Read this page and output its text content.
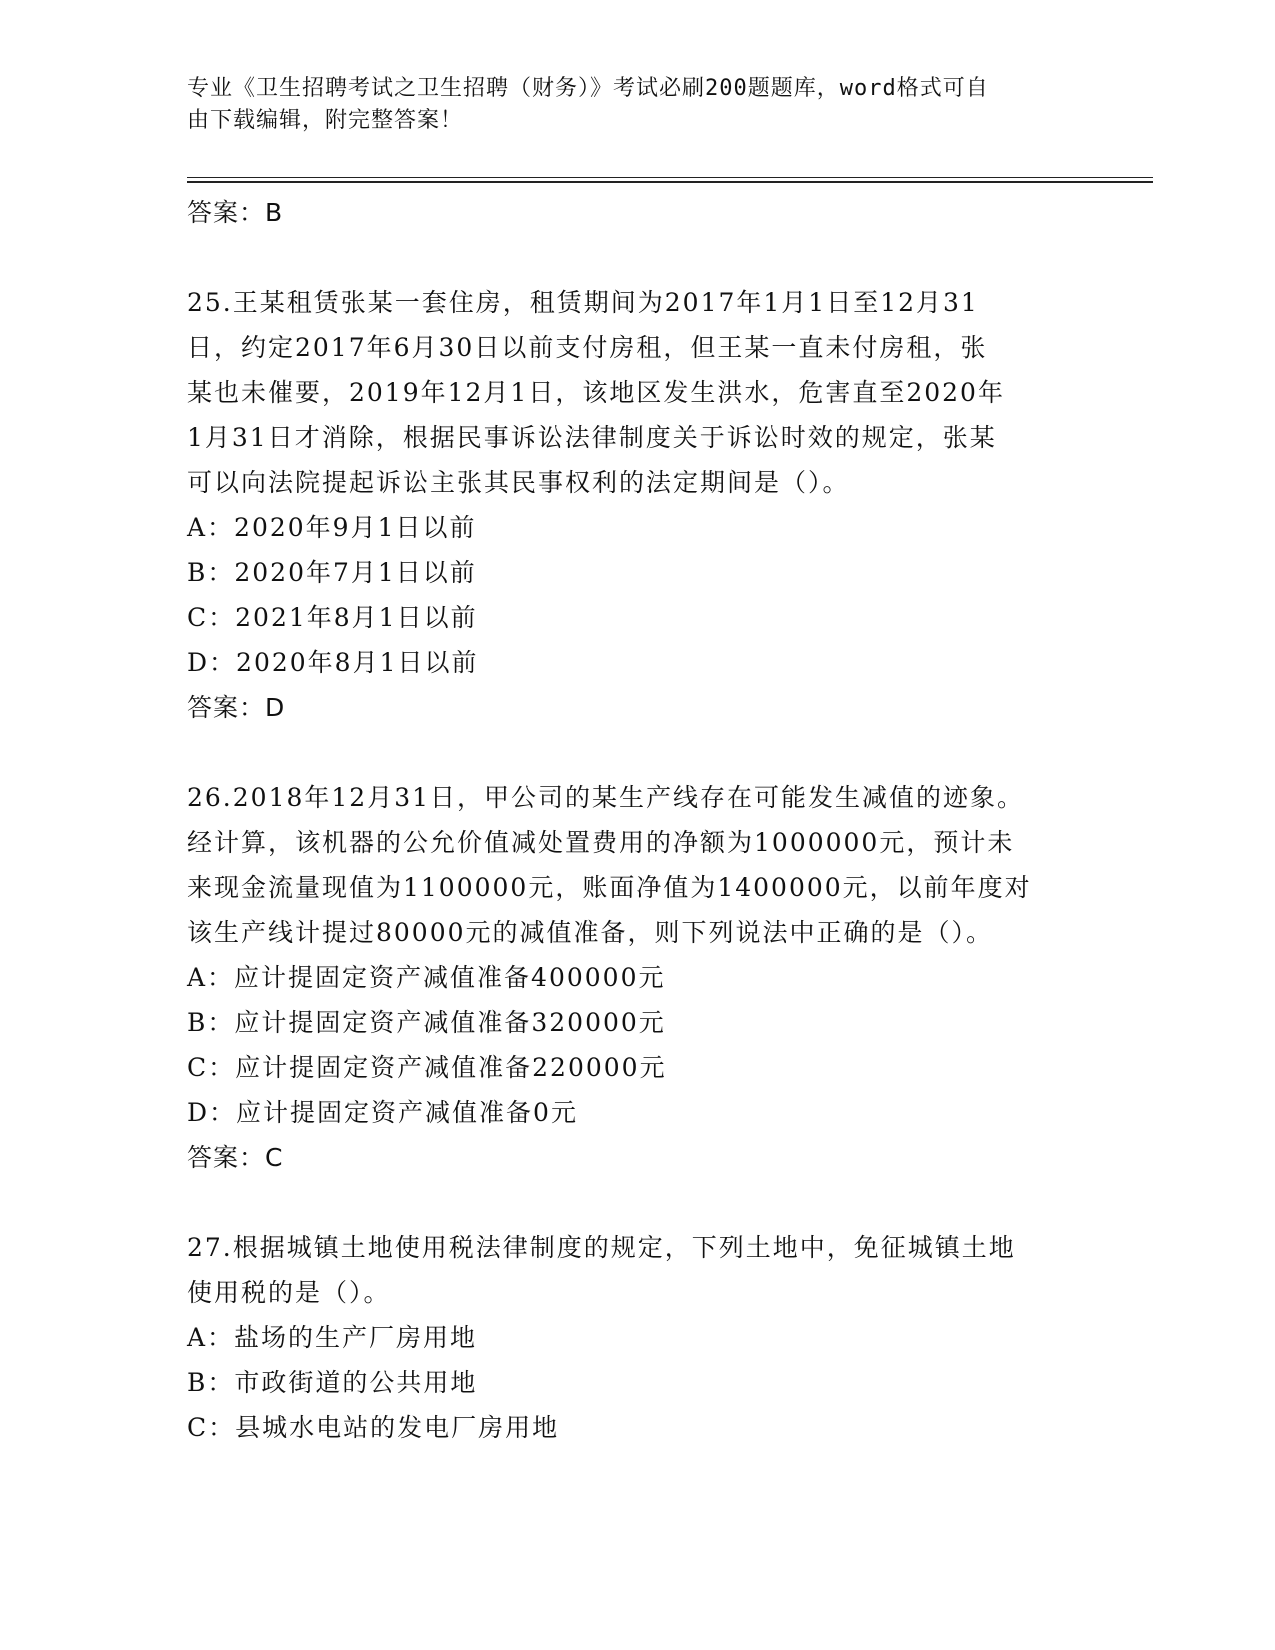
专业《卫生招聘考试之卫生招聘（财务）》考试必刷200题题库，word格式可自
由下载编辑，附完整答案！
答案：B
25.王某租赁张某一套住房，租赁期间为2017年1月1日至12月31
日，约定2017年6月30日以前支付房租，但王某一直未付房租，张
某也未催要，2019年12月1日，该地区发生洪水，危害直至2020年
1月31日才消除，根据民事诉讼法律制度关于诉讼时效的规定，张某
可以向法院提起诉讼主张其民事权利的法定期间是（）。
A：2020年9月1日以前
B：2020年7月1日以前
C：2021年8月1日以前
D：2020年8月1日以前
答案：D
26.2018年12月31日，甲公司的某生产线存在可能发生减值的迹象。
经计算，该机器的公允价值减处置费用的净额为1000000元，预计未
来现金流量现值为1100000元，账面净值为1400000元，以前年度对
该生产线计提过80000元的减值准备，则下列说法中正确的是（）。
A：应计提固定资产减值准备400000元
B：应计提固定资产减值准备320000元
C：应计提固定资产减值准备220000元
D：应计提固定资产减值准备0元
答案：C
27.根据城镇土地使用税法律制度的规定，下列土地中，免征城镇土地
使用税的是（）。
A：盐场的生产厂房用地
B：市政街道的公共用地
C：县城水电站的发电厂房用地
